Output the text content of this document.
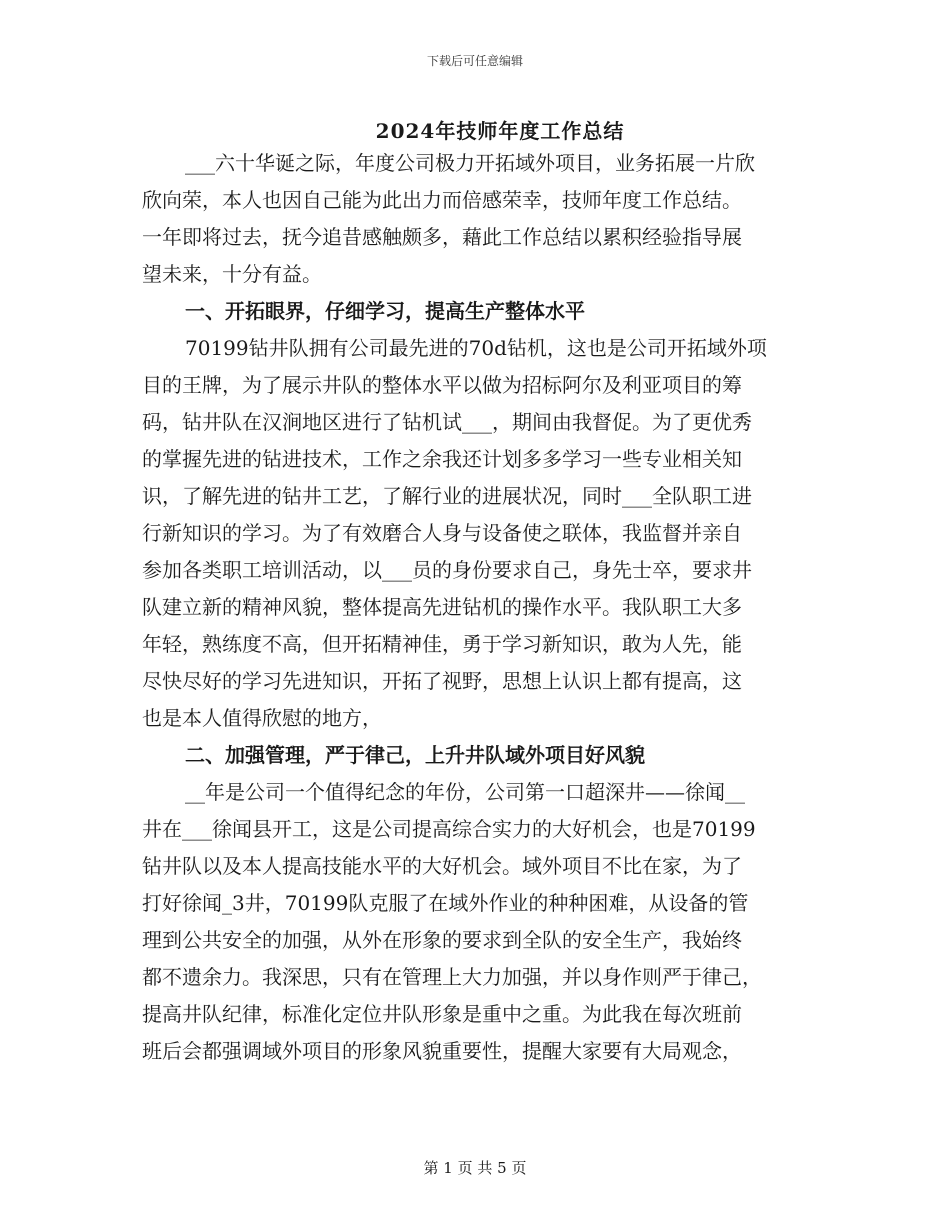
下载后可任意编辑
2024年技师年度工作总结
___六十华诞之际，年度公司极力开拓域外项目，业务拓展一片欣
欣向荣，本人也因自己能为此出力而倍感荣幸，技师年度工作总结。
一年即将过去，抚今追昔感触颇多，藉此工作总结以累积经验指导展
望未来，十分有益。
一、开拓眼界，仔细学习，提高生产整体水平
70199钻井队拥有公司最先进的70d钻机，这也是公司开拓域外项
目的王牌，为了展示井队的整体水平以做为招标阿尔及利亚项目的筹
码，钻井队在汉涧地区进行了钻机试___，期间由我督促。为了更优秀
的掌握先进的钻进技术，工作之余我还计划多多学习一些专业相关知
识，了解先进的钻井工艺，了解行业的进展状况，同时___全队职工进
行新知识的学习。为了有效磨合人身与设备使之联体，我监督并亲自
参加各类职工培训活动，以___员的身份要求自己，身先士卒，要求井
队建立新的精神风貌，整体提高先进钻机的操作水平。我队职工大多
年轻，熟练度不高，但开拓精神佳，勇于学习新知识，敢为人先，能
尽快尽好的学习先进知识，开拓了视野，思想上认识上都有提高，这
也是本人值得欣慰的地方，
二、加强管理，严于律己，上升井队域外项目好风貌
__年是公司一个值得纪念的年份，公司第一口超深井——徐闻__
井在___徐闻县开工，这是公司提高综合实力的大好机会，也是70199
钻井队以及本人提高技能水平的大好机会。域外项目不比在家，为了
打好徐闻_3井，70199队克服了在域外作业的种种困难，从设备的管
理到公共安全的加强，从外在形象的要求到全队的安全生产，我始终
都不遗余力。我深思，只有在管理上大力加强，并以身作则严于律己，
提高井队纪律，标准化定位井队形象是重中之重。为此我在每次班前
班后会都强调域外项目的形象风貌重要性，提醒大家要有大局观念，
第 1 页 共 5 页
